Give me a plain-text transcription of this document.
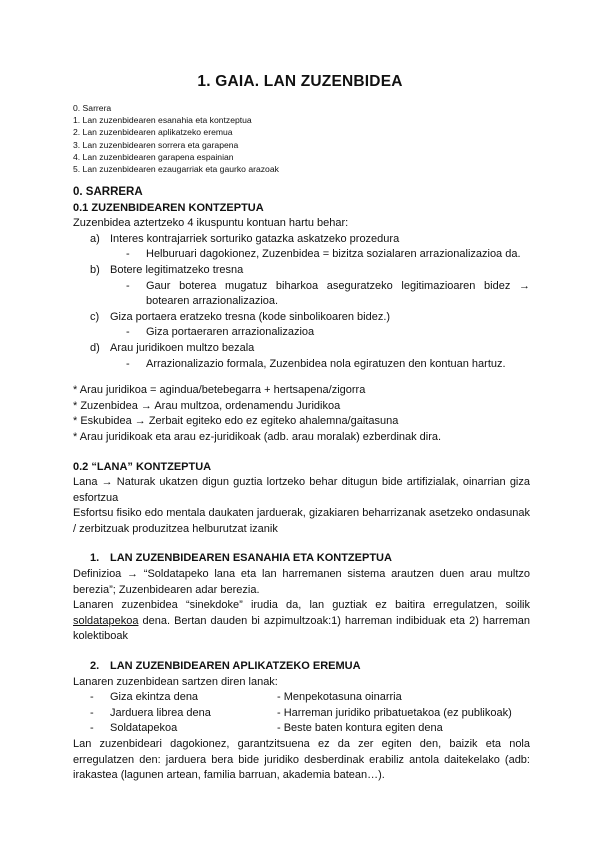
1. GAIA. LAN ZUZENBIDEA
0. Sarrera
1. Lan zuzenbidearen esanahia eta kontzeptua
2. Lan zuzenbidearen aplikatzeko eremua
3. Lan zuzenbidearen sorrera eta garapena
4. Lan zuzenbidearen garapena espainian
5. Lan zuzenbidearen ezaugarriak eta gaurko arazoak
0. SARRERA
0.1 ZUZENBIDEAREN KONTZEPTUA
Zuzenbidea aztertzeko 4 ikuspuntu kontuan hartu behar:
a) Interes kontrajarriek sorturiko gatazka askatzeko prozedura
- Helburuari dagokionez, Zuzenbidea = bizitza sozialaren arrazionalizazioa da.
b) Botere legitimatzeko tresna
- Gaur boterea mugatuz biharkoa aseguratzeko legitimazioaren bidez → botearen arrazionalizazioa.
c) Giza portaera eratzeko tresna (kode sinbolikoaren bidez.)
- Giza portaeraren arrazionalizazioa
d) Arau juridikoen multzo bezala
- Arrazionalizazio formala, Zuzenbidea nola egiratuzen den kontuan hartuz.
* Arau juridikoa = agindua/betebegarra + hertsapena/zigorra
* Zuzenbidea → Arau multzoa, ordenamendu Juridikoa
* Eskubidea → Zerbait egiteko edo ez egiteko ahalemna/gaitasuna
* Arau juridikoak eta arau ez-juridikoak (adb. arau moralak) ezberdinak dira.
0.2 “LANA” KONTZEPTUA
Lana → Naturak ukatzen digun guztia lortzeko behar ditugun bide artifizialak, oinarrian giza esfortzua
Esfortsu fisiko edo mentala daukaten jarduerak, gizakiaren beharrizanak asetzeko ondasunak / zerbitzuak produzitzea helburutzat izanik
1. LAN ZUZENBIDEAREN ESANAHIA ETA KONTZEPTUA
Definizioa → “Soldatapeko lana eta lan harremanen sistema arautzen duen arau multzo berezia”; Zuzenbidearen adar berezia.
Lanaren zuzenbidea “sinekdoke” irudia da, lan guztiak ez baitira erregulatzen, soilik soldatapekoa dena. Bertan dauden bi azpimultzoak:1) harreman indibiduak eta 2) harreman kolektiboak
2. LAN ZUZENBIDEAREN APLIKATZEKO EREMUA
Lanaren zuzenbidean sartzen diren lanak:
- Giza ekintza dena	- Menpekotasuna oinarria
- Jarduera librea dena	- Harreman juridiko pribatuetakoa (ez publikoak)
- Soldatapekoa	- Beste baten kontura egiten dena
Lan zuzenbideari dagokionez, garantzitsuena ez da zer egiten den, baizik eta nola erregulatzen den: jarduera bera bide juridiko desberdinak erabiliz antola daitekelako (adb: irakastea (lagunen artean, familia barruan, akademia batean…).
